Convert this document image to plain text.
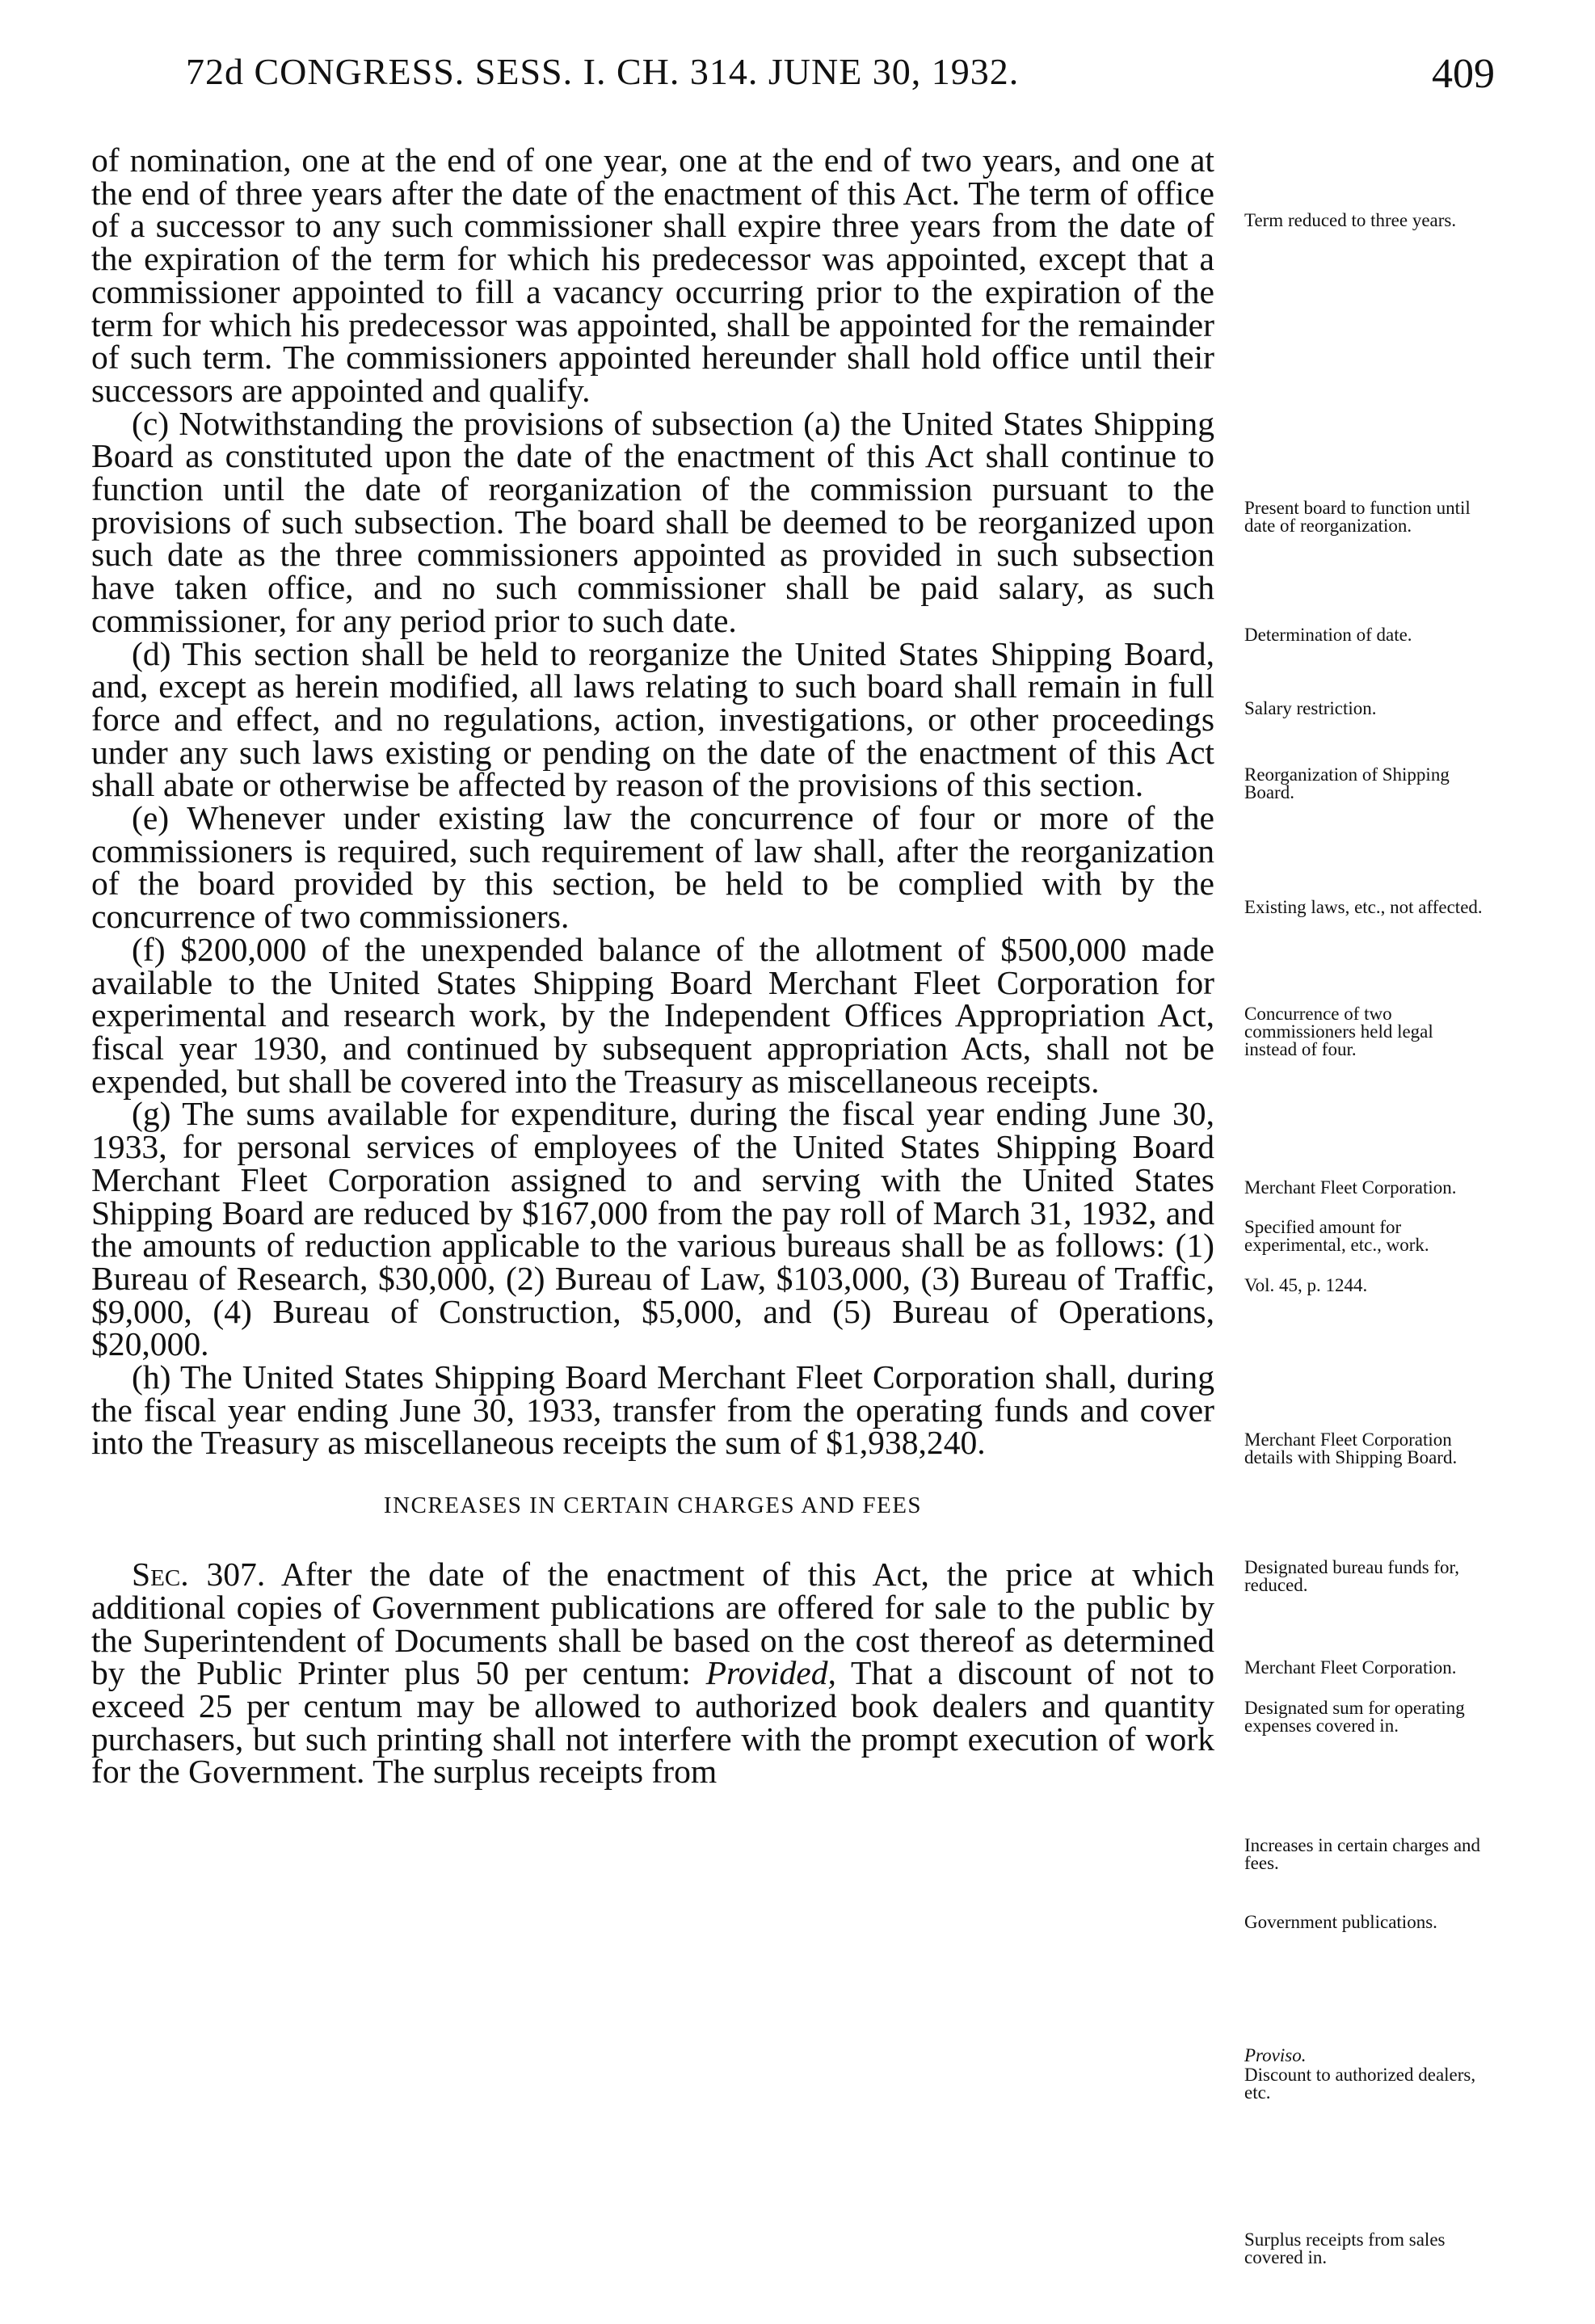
72d CONGRESS. SESS. I. CH. 314. JUNE 30, 1932.	409

of nomination, one at the end of one year, one at the end of two years, and one at the end of three years after the date of the enactment of this Act. The term of office of a successor to any such commissioner shall expire three years from the date of the expiration of the term for which his predecessor was appointed, except that a commissioner appointed to fill a vacancy occurring prior to the expiration of the term for which his predecessor was appointed, shall be appointed for the remainder of such term. The commissioners appointed hereunder shall hold office until their successors are appointed and qualify.

(c) Notwithstanding the provisions of subsection (a) the United States Shipping Board as constituted upon the date of the enactment of this Act shall continue to function until the date of reorganization of the commission pursuant to the provisions of such subsection. The board shall be deemed to be reorganized upon such date as the three commissioners appointed as provided in such subsection have taken office, and no such commissioner shall be paid salary, as such commissioner, for any period prior to such date.

(d) This section shall be held to reorganize the United States Shipping Board, and, except as herein modified, all laws relating to such board shall remain in full force and effect, and no regulations, action, investigations, or other proceedings under any such laws existing or pending on the date of the enactment of this Act shall abate or otherwise be affected by reason of the provisions of this section.

(e) Whenever under existing law the concurrence of four or more of the commissioners is required, such requirement of law shall, after the reorganization of the board provided by this section, be held to be complied with by the concurrence of two commissioners.

(f) $200,000 of the unexpended balance of the allotment of $500,000 made available to the United States Shipping Board Merchant Fleet Corporation for experimental and research work, by the Independent Offices Appropriation Act, fiscal year 1930, and continued by subsequent appropriation Acts, shall not be expended, but shall be covered into the Treasury as miscellaneous receipts.

(g) The sums available for expenditure, during the fiscal year ending June 30, 1933, for personal services of employees of the United States Shipping Board Merchant Fleet Corporation assigned to and serving with the United States Shipping Board are reduced by $167,000 from the pay roll of March 31, 1932, and the amounts of reduction applicable to the various bureaus shall be as follows: (1) Bureau of Research, $30,000, (2) Bureau of Law, $103,000, (3) Bureau of Traffic, $9,000, (4) Bureau of Construction, $5,000, and (5) Bureau of Operations, $20,000.

(h) The United States Shipping Board Merchant Fleet Corporation shall, during the fiscal year ending June 30, 1933, transfer from the operating funds and cover into the Treasury as miscellaneous receipts the sum of $1,938,240.

INCREASES IN CERTAIN CHARGES AND FEES

Sec. 307. After the date of the enactment of this Act, the price at which additional copies of Government publications are offered for sale to the public by the Superintendent of Documents shall be based on the cost thereof as determined by the Public Printer plus 50 per centum: Provided, That a discount of not to exceed 25 per centum may be allowed to authorized book dealers and quantity purchasers, but such printing shall not interfere with the prompt execution of work for the Government. The surplus receipts from

Term reduced to three years.
Present board to function until date of reorganization.
Determination of date.
Salary restriction.
Reorganization of Shipping Board.
Existing laws, etc., not affected.
Concurrence of two commissioners held legal instead of four.
Merchant Fleet Corporation.
Specified amount for experimental, etc., work.
Vol. 45, p. 1244.
Merchant Fleet Corporation details with Shipping Board.
Designated bureau funds for, reduced.
Merchant Fleet Corporation.
Designated sum for operating expenses covered in.
Increases in certain charges and fees.
Government publications.
Proviso.
Discount to authorized dealers, etc.
Surplus receipts from sales covered in.
